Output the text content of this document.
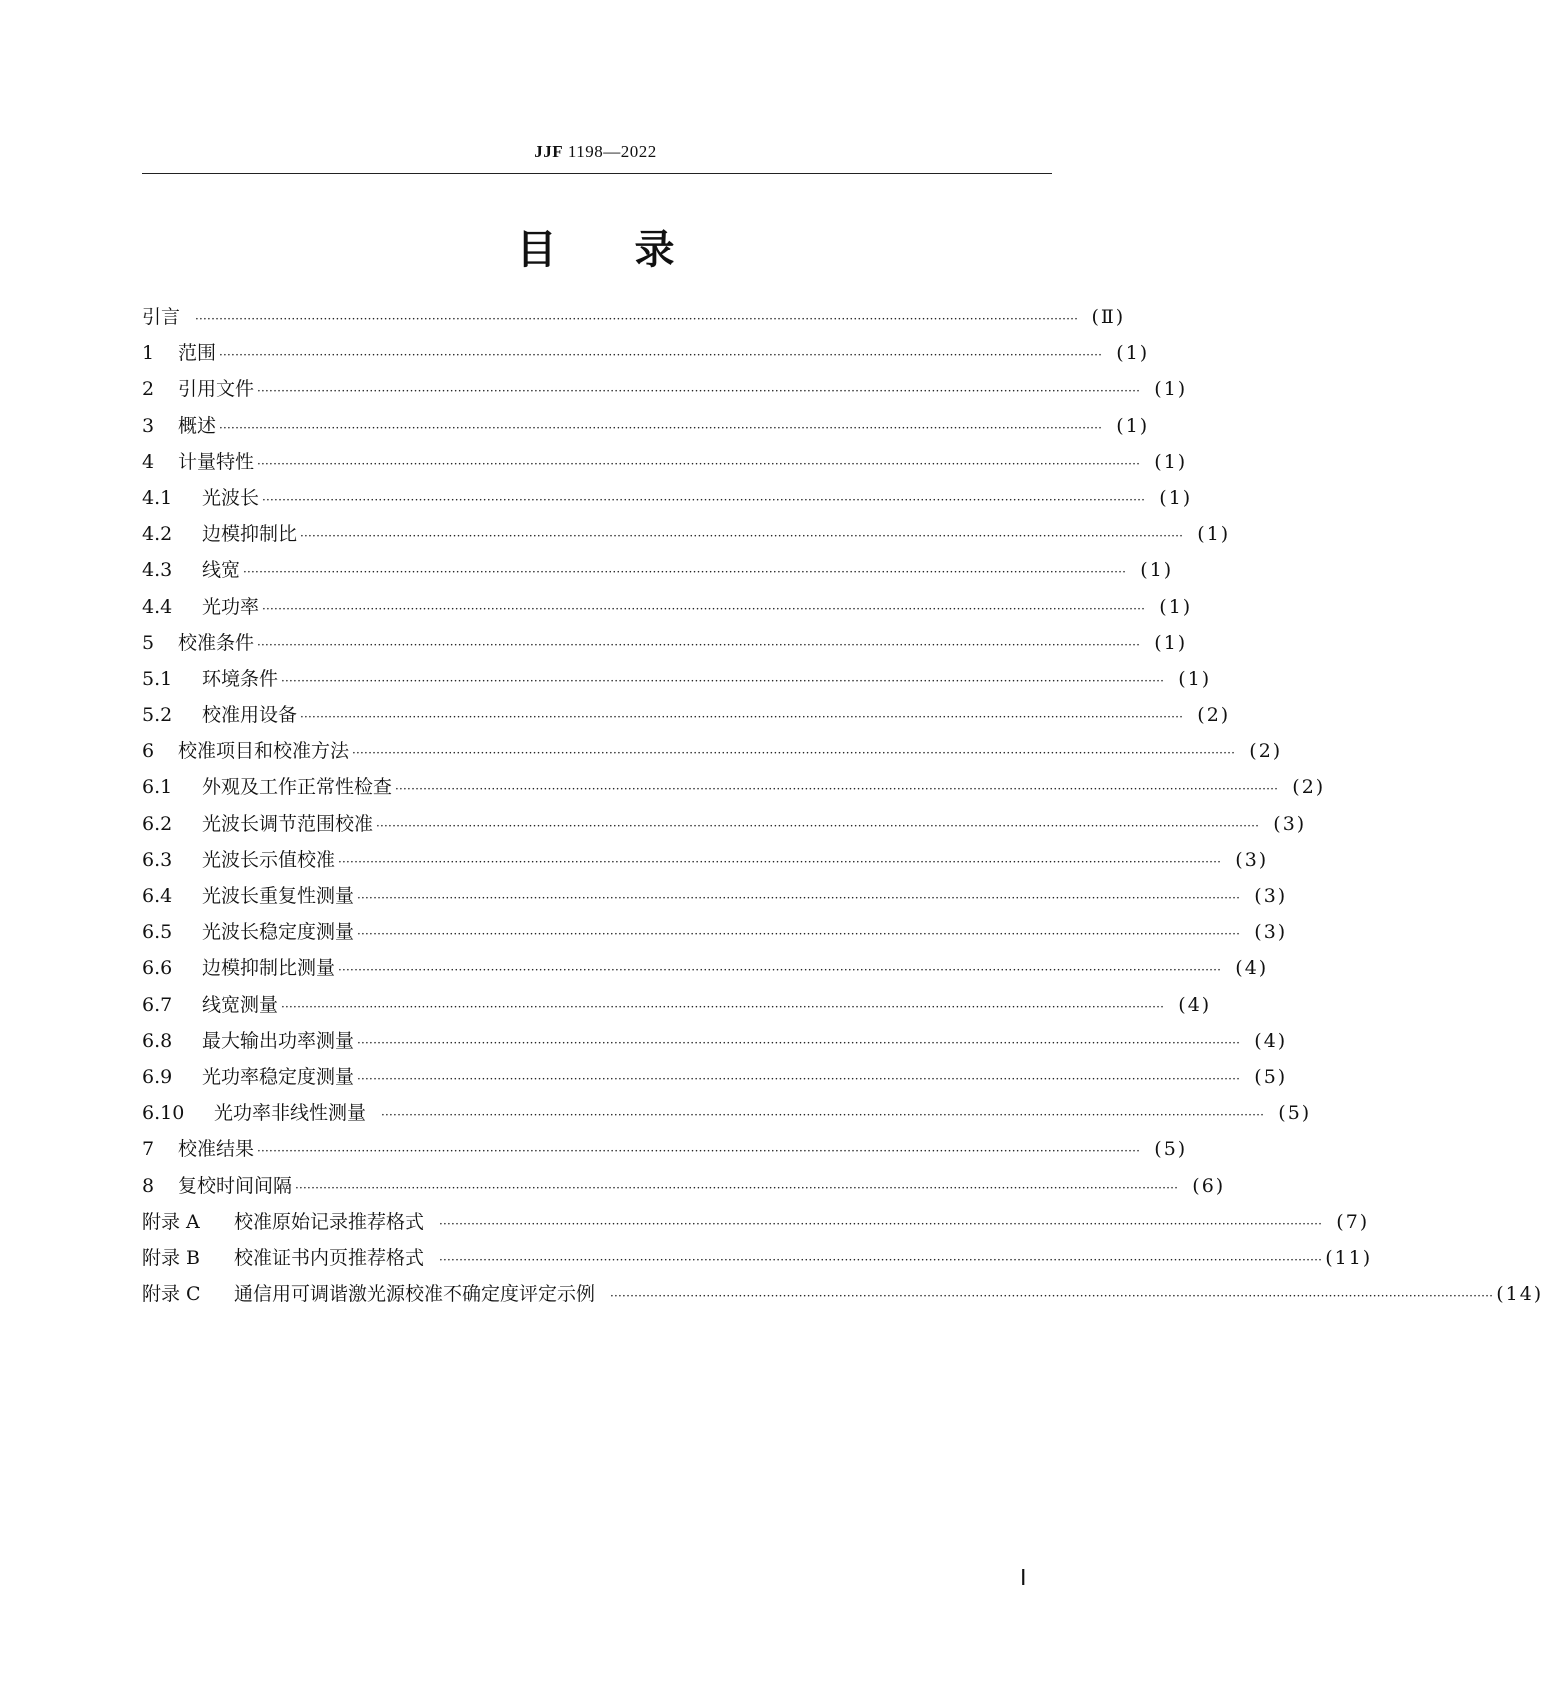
JJF 1198—2022
目 录
引言 ···························································································································································································································· (Ⅱ)
1	范围 ···························································································································································································································· (1)
2	引用文件 ···························································································································································································································· (1)
3	概述 ···························································································································································································································· (1)
4	计量特性 ···························································································································································································································· (1)
4.1	光波长 ···························································································································································································································· (1)
4.2	边模抑制比 ···························································································································································································································· (1)
4.3	线宽 ···························································································································································································································· (1)
4.4	光功率 ···························································································································································································································· (1)
5	校准条件 ···························································································································································································································· (1)
5.1	环境条件 ···························································································································································································································· (1)
5.2	校准用设备 ···························································································································································································································· (2)
6	校准项目和校准方法 ···························································································································································································································· (2)
6.1	外观及工作正常性检查 ···························································································································································································································· (2)
6.2	光波长调节范围校准 ···························································································································································································································· (3)
6.3	光波长示值校准 ···························································································································································································································· (3)
6.4	光波长重复性测量 ···························································································································································································································· (3)
6.5	光波长稳定度测量 ···························································································································································································································· (3)
6.6	边模抑制比测量 ···························································································································································································································· (4)
6.7	线宽测量 ···························································································································································································································· (4)
6.8	最大输出功率测量 ···························································································································································································································· (4)
6.9	光功率稳定度测量 ···························································································································································································································· (5)
6.10	光功率非线性测量 ···························································································································································································································· (5)
7	校准结果 ···························································································································································································································· (5)
8	复校时间间隔 ···························································································································································································································· (6)
附录 A	校准原始记录推荐格式 ···························································································································································································································· (7)
附录 B	校准证书内页推荐格式 ···························································································································································································································· (11)
附录 C	通信用可调谐激光源校准不确定度评定示例 ···························································································································································································································· (14)
Ⅰ
